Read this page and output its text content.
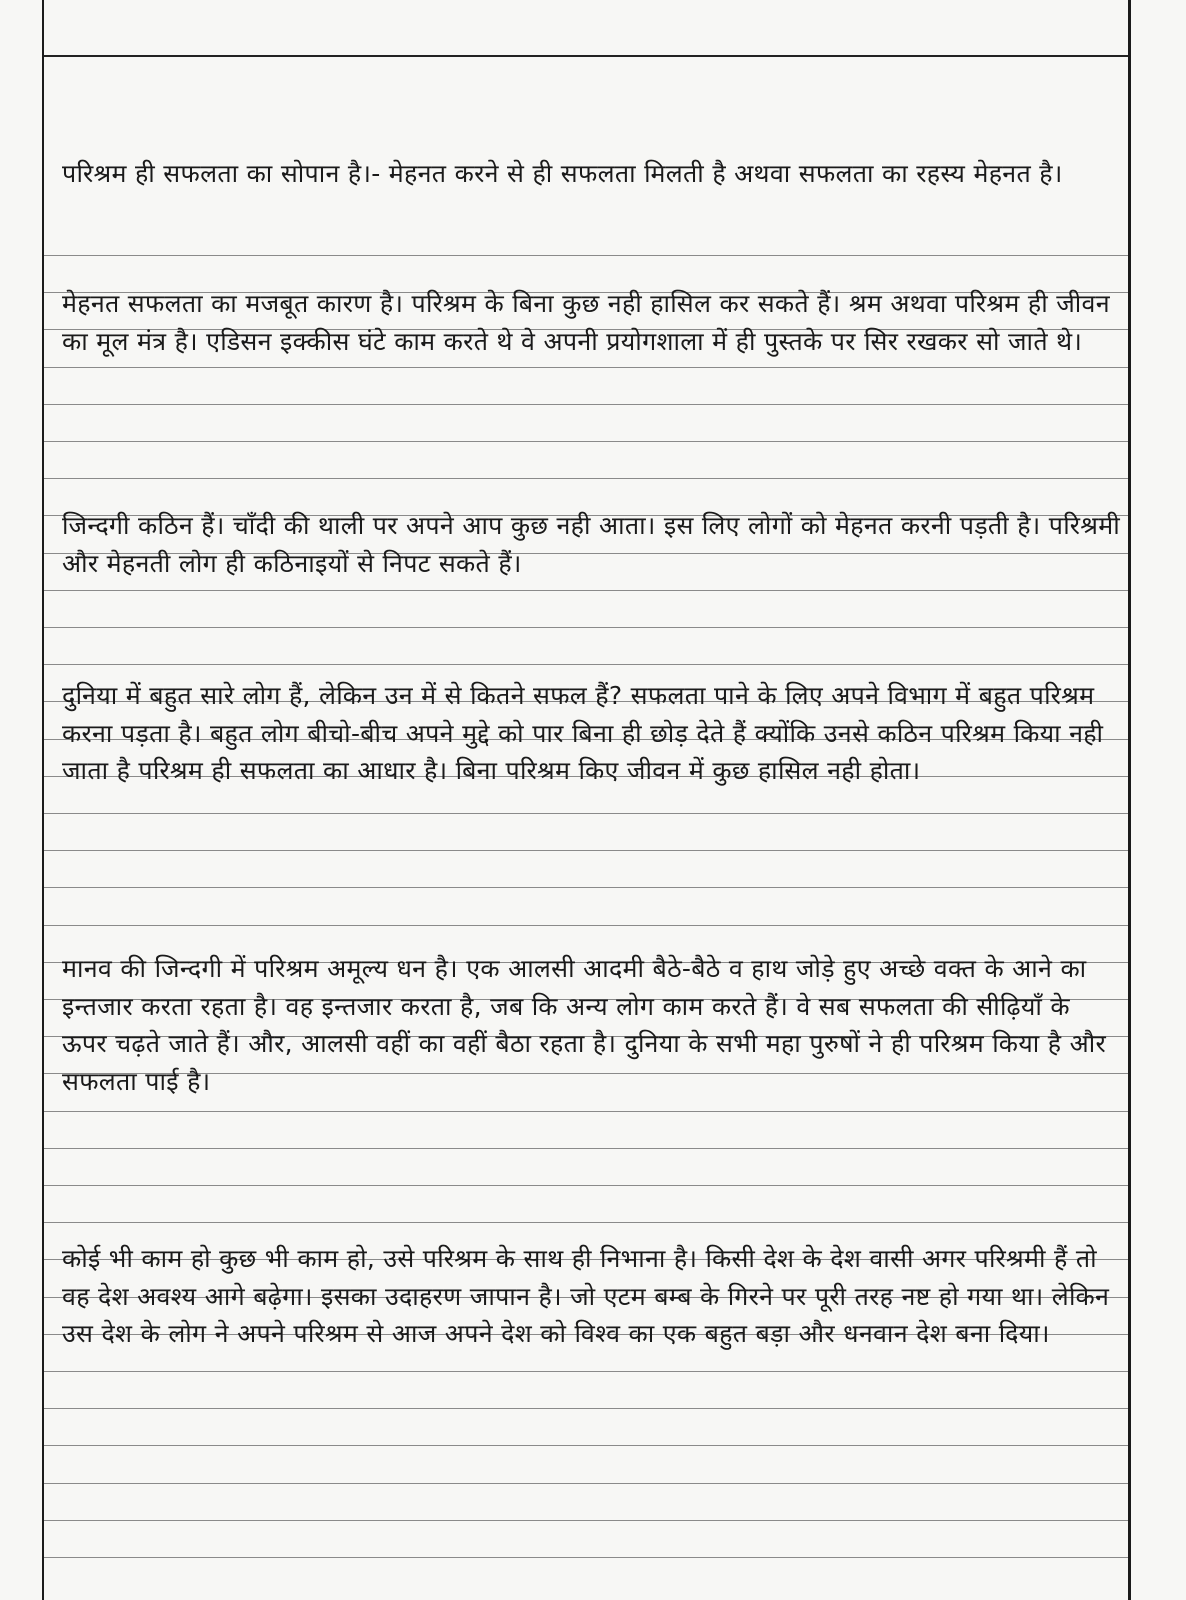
परिश्रम ही सफलता का सोपान है।- मेहनत करने से ही सफलता मिलती है अथवा सफलता का रहस्य मेहनत है।

मेहनत सफलता का मजबूत कारण है। परिश्रम के बिना कुछ नही हासिल कर सकते हैं। श्रम अथवा परिश्रम ही जीवन का मूल मंत्र है। एडिसन इक्कीस घंटे काम करते थे वे अपनी प्रयोगशाला में ही पुस्तके पर सिर रखकर सो जाते थे।

जिन्दगी कठिन हैं। चाँदी की थाली पर अपने आप कुछ नही आता। इस लिए लोगों को मेहनत करनी पड़ती है। परिश्रमी और मेहनती लोग ही कठिनाइयों से निपट सकते हैं।

दुनिया में बहुत सारे लोग हैं, लेकिन उन में से कितने सफल हैं? सफलता पाने के लिए अपने विभाग में बहुत परिश्रम करना पड़ता है। बहुत लोग बीचो-बीच अपने मुद्दे को पार बिना ही छोड़ देते हैं क्योंकि उनसे कठिन परिश्रम किया नही जाता है परिश्रम ही सफलता का आधार है। बिना परिश्रम किए जीवन में कुछ हासिल नही होता।

मानव की जिन्दगी में परिश्रम अमूल्य धन है। एक आलसी आदमी बैठे-बैठे व हाथ जोड़े हुए अच्छे वक्त के आने का इन्तजार करता रहता है। वह इन्तजार करता है, जब कि अन्य लोग काम करते हैं। वे सब सफलता की सीढ़ियाँ के ऊपर चढ़ते जाते हैं। और, आलसी वहीं का वहीं बैठा रहता है। दुनिया के सभी महा पुरुषों ने ही परिश्रम किया है और सफलता पाई है।

कोई भी काम हो कुछ भी काम हो, उसे परिश्रम के साथ ही निभाना है। किसी देश के देश वासी अगर परिश्रमी हैं तो वह देश अवश्य आगे बढ़ेगा। इसका उदाहरण जापान है। जो एटम बम्ब के गिरने पर पूरी तरह नष्ट हो गया था। लेकिन उस देश के लोग ने अपने परिश्रम से आज अपने देश को विश्व का एक बहुत बड़ा और धनवान देश बना दिया।
